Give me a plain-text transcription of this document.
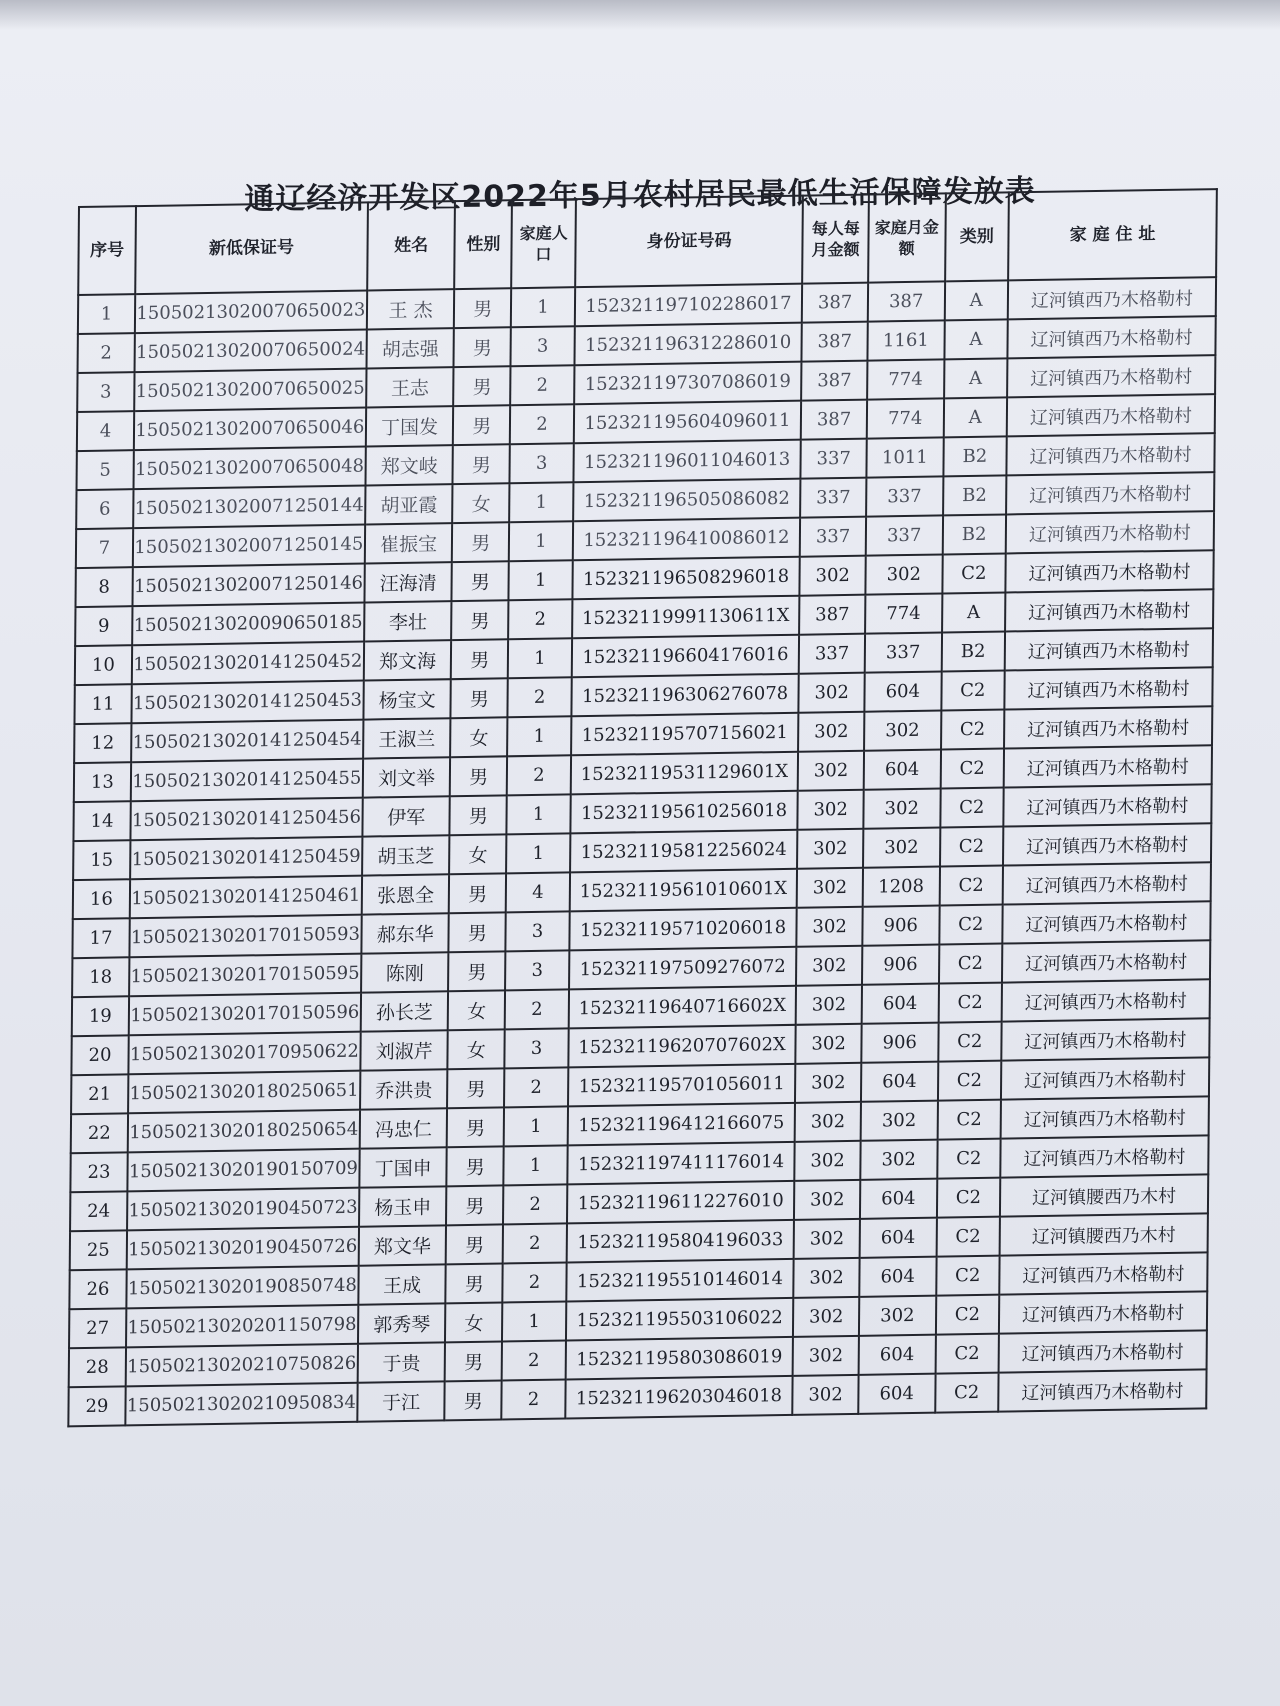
通辽经济开发区2022年5月农村居民最低生活保障发放表
序号	新低保证号	姓名	性别	家庭人口	身份证号码	每人每月金额	家庭月金额	类别	家 庭 住 址
1	15050213020070650023	王 杰	男	1	152321197102286017	387	387	A	辽河镇西乃木格勒村
2	15050213020070650024	胡志强	男	3	152321196312286010	387	1161	A	辽河镇西乃木格勒村
3	15050213020070650025	王志	男	2	152321197307086019	387	774	A	辽河镇西乃木格勒村
4	15050213020070650046	丁国发	男	2	152321195604096011	387	774	A	辽河镇西乃木格勒村
5	15050213020070650048	郑文岐	男	3	152321196011046013	337	1011	B2	辽河镇西乃木格勒村
6	15050213020071250144	胡亚霞	女	1	152321196505086082	337	337	B2	辽河镇西乃木格勒村
7	15050213020071250145	崔振宝	男	1	152321196410086012	337	337	B2	辽河镇西乃木格勒村
8	15050213020071250146	汪海清	男	1	152321196508296018	302	302	C2	辽河镇西乃木格勒村
9	15050213020090650185	李壮	男	2	15232119991130611X	387	774	A	辽河镇西乃木格勒村
10	15050213020141250452	郑文海	男	1	152321196604176016	337	337	B2	辽河镇西乃木格勒村
11	15050213020141250453	杨宝文	男	2	152321196306276078	302	604	C2	辽河镇西乃木格勒村
12	15050213020141250454	王淑兰	女	1	152321195707156021	302	302	C2	辽河镇西乃木格勒村
13	15050213020141250455	刘文举	男	2	15232119531129601X	302	604	C2	辽河镇西乃木格勒村
14	15050213020141250456	伊军	男	1	152321195610256018	302	302	C2	辽河镇西乃木格勒村
15	15050213020141250459	胡玉芝	女	1	152321195812256024	302	302	C2	辽河镇西乃木格勒村
16	15050213020141250461	张恩全	男	4	15232119561010601X	302	1208	C2	辽河镇西乃木格勒村
17	15050213020170150593	郝东华	男	3	152321195710206018	302	906	C2	辽河镇西乃木格勒村
18	15050213020170150595	陈刚	男	3	152321197509276072	302	906	C2	辽河镇西乃木格勒村
19	15050213020170150596	孙长芝	女	2	15232119640716602X	302	604	C2	辽河镇西乃木格勒村
20	15050213020170950622	刘淑芹	女	3	15232119620707602X	302	906	C2	辽河镇西乃木格勒村
21	15050213020180250651	乔洪贵	男	2	152321195701056011	302	604	C2	辽河镇西乃木格勒村
22	15050213020180250654	冯忠仁	男	1	152321196412166075	302	302	C2	辽河镇西乃木格勒村
23	15050213020190150709	丁国申	男	1	152321197411176014	302	302	C2	辽河镇西乃木格勒村
24	15050213020190450723	杨玉申	男	2	152321196112276010	302	604	C2	辽河镇腰西乃木村
25	15050213020190450726	郑文华	男	2	152321195804196033	302	604	C2	辽河镇腰西乃木村
26	15050213020190850748	王成	男	2	152321195510146014	302	604	C2	辽河镇西乃木格勒村
27	15050213020201150798	郭秀琴	女	1	152321195503106022	302	302	C2	辽河镇西乃木格勒村
28	15050213020210750826	于贵	男	2	152321195803086019	302	604	C2	辽河镇西乃木格勒村
29	15050213020210950834	于江	男	2	152321196203046018	302	604	C2	辽河镇西乃木格勒村
